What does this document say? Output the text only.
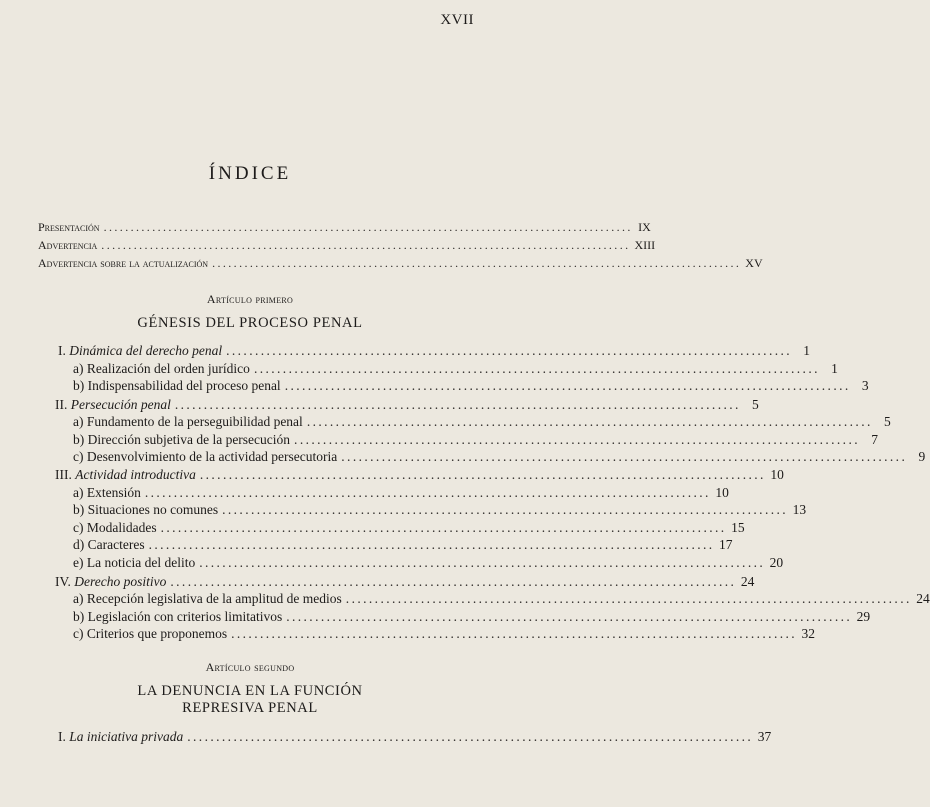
XVII
ÍNDICE
Presentación .................................................................................................. IX
Advertencia .................................................................................................. XIII
Advertencia sobre la actualización .................................................................................................. XV
Artículo primero
GÉNESIS DEL PROCESO PENAL
I. Dinámica del derecho penal .................................................................................................. 1
a) Realización del orden jurídico .................................................................................................. 1
b) Indispensabilidad del proceso penal .................................................................................................. 3
II. Persecución penal .................................................................................................. 5
a) Fundamento de la perseguibilidad penal .................................................................................................. 5
b) Dirección subjetiva de la persecución .................................................................................................. 7
c) Desenvolvimiento de la actividad persecutoria .................................................................................................. 9
III. Actividad introductiva .................................................................................................. 10
a) Extensión .................................................................................................. 10
b) Situaciones no comunes .................................................................................................. 13
c) Modalidades .................................................................................................. 15
d) Caracteres .................................................................................................. 17
e) La noticia del delito .................................................................................................. 20
IV. Derecho positivo .................................................................................................. 24
a) Recepción legislativa de la amplitud de medios .................................................................................................. 24
b) Legislación con criterios limitativos .................................................................................................. 29
c) Criterios que proponemos .................................................................................................. 32
Artículo segundo
LA DENUNCIA EN LA FUNCIÓN
REPRESIVA PENAL
I. La iniciativa privada .................................................................................................. 37
